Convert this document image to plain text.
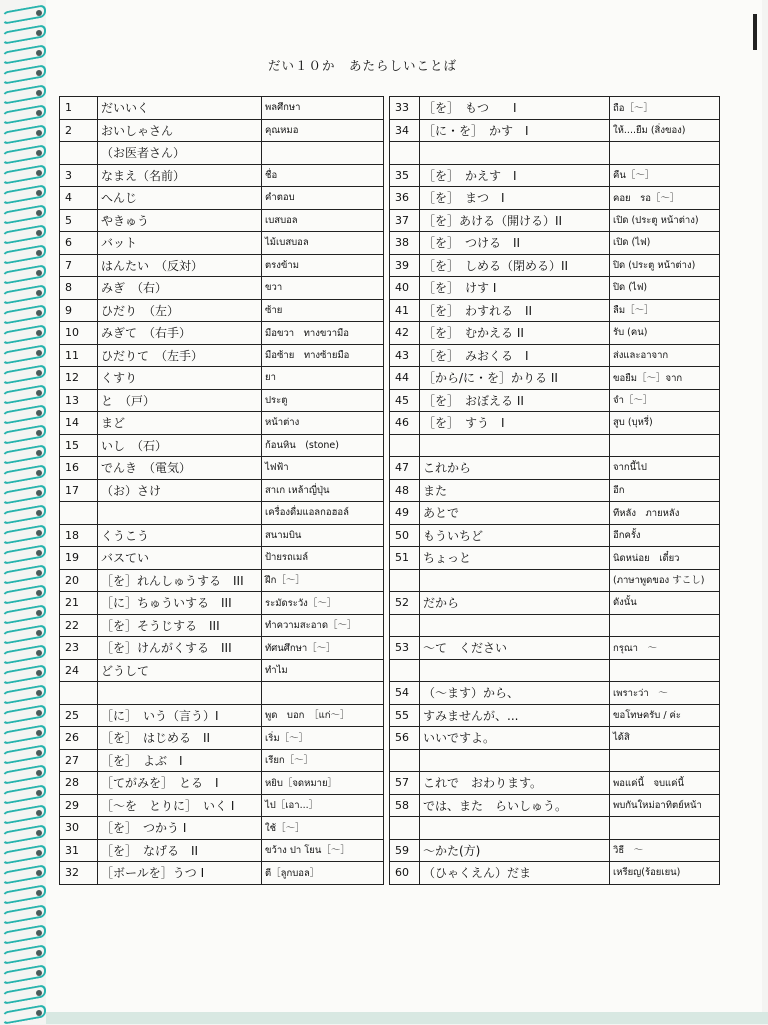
だい１０か　あたらしいことば
1	だいいく	พลศึกษา
2	おいしゃさん	คุณหมอ
	（お医者さん）	
3	なまえ（名前）	ชื่อ
4	へんじ	คำตอบ
5	やきゅう	เบสบอล
6	バット	ไม้เบสบอล
7	はんたい　（反対）	ตรงข้าม
8	みぎ　（右）	ขวา
9	ひだり　（左）	ซ้าย
10	みぎて　（右手）	มือขวา　ทางขวามือ
11	ひだりて　（左手）	มือซ้าย　ทางซ้ายมือ
12	くすり	ยา
13	と　（戸）	ประตู
14	まど	หน้าต่าง
15	いし　（石）	ก้อนหิน　(stone)
16	でんき　（電気）	ไฟฟ้า
17	（お）さけ	สาเก เหล้าญี่ปุ่น
		เครื่องดื่มแอลกอฮอล์
18	くうこう	สนามบิน
19	バスてい	ป้ายรถเมล์
20	［を］れんしゅうする　III	ฝึก［～］
21	［に］ちゅういする　III	ระมัดระวัง［～］
22	［を］そうじする　III	ทำความสะอาด［～］
23	［を］けんがくする　III	ทัศนศึกษา［～］
24	どうして	ทำไม

25	［に］　いう（言う）I	พูด　บอก　［แก่～］
26	［を］　はじめる　II	เริ่ม［～］
27	［を］　よぶ　I	เรียก［～］
28	［てがみを］　とる　I	หยิบ［จดหมาย］
29	［～を　とりに］　いく I	ไป［เอา...］
30	［を］　つかう I	ใช้［～］
31	［を］　なげる　II	ขว้าง ปา โยน［～］
32	［ボールを］うつ I	ตี［ลูกบอล］
33	［を］　もつ　　I	ถือ［～］
34	［に・を］　かす　I	ให้....ยืม (สิ่งของ)

35	［を］　かえす　I	คืน［～］
36	［を］　まつ　I	คอย　รอ［～］
37	［を］あける（開ける）II	เปิด (ประตู หน้าต่าง)
38	［を］　つける　II	เปิด (ไฟ)
39	［を］　しめる（閉める）II	ปิด (ประตู หน้าต่าง)
40	［を］　けす I	ปิด (ไฟ)
41	［を］　わすれる　II	ลืม［～］
42	［を］　むかえる II	รับ (คน)
43	［を］　みおくる　I	ส่งและอาจาก
44	［から/に・を］かりる II	ขอยืม［～］จาก
45	［を］　おぼえる II	จำ［～］
46	［を］　すう　I	สูบ (บุหรี่)

47	これから	จากนี้ไป
48	また	อีก
49	あとで	ทีหลัง　ภายหลัง
50	もういちど	อีกครั้ง
51	ちょっと	นิดหน่อย　เดี๋ยว
		(ภาษาพูดของ すこし)
52	だから	ดังนั้น

53	～て　ください	กรุณา　～

54	（～ます）から、	เพราะว่า　～
55	すみませんが、...	ขอโทษครับ / ค่ะ
56	いいですよ。	ได้สิ

57	これで　おわります。	พอแค่นี้　จบแค่นี้
58	では、また　らいしゅう。	พบกันใหม่อาทิตย์หน้า

59	～かた(方)	วิธี　～
60	（ひゃくえん）だま	เหรียญ(ร้อยเยน)
